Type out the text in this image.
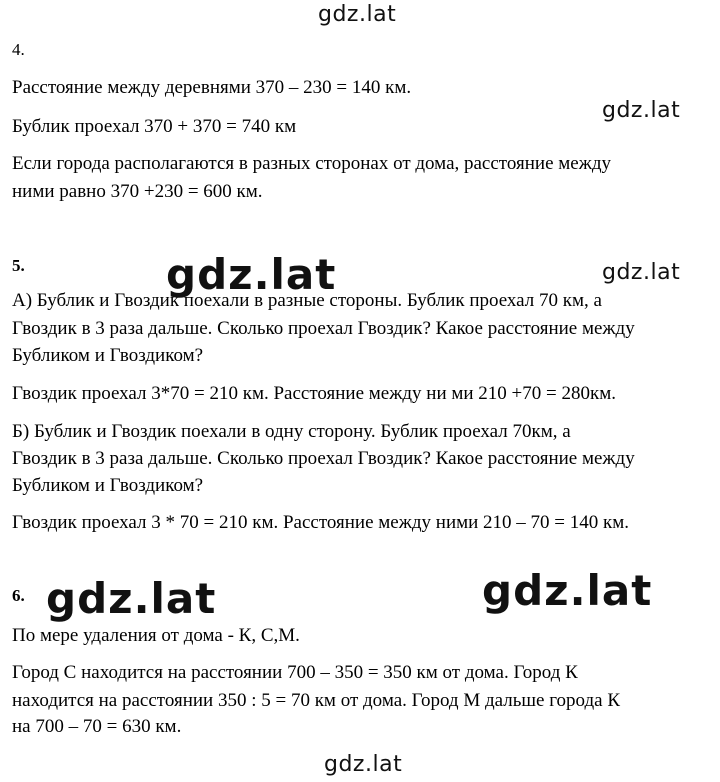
gdz.lat
gdz.lat
gdz.lat	gdz.lat
gdz.lat	gdz.lat
gdz.lat
4.
Расстояние между деревнями 370 – 230 = 140 км.
Бублик проехал 370 + 370 = 740 км
Если города располагаются в разных сторонах от дома, расстояние между
ними равно 370 +230 = 600 км.
5.
А) Бублик и Гвоздик поехали в разные стороны. Бублик проехал 70 км, а
Гвоздик в 3 раза дальше. Сколько проехал Гвоздик? Какое расстояние между
Бубликом и Гвоздиком?
Гвоздик проехал 3*70 = 210 км. Расстояние между ни ми 210 +70 = 280км.
Б) Бублик и Гвоздик поехали в одну сторону. Бублик проехал 70км, а
Гвоздик в 3 раза дальше. Сколько проехал Гвоздик? Какое расстояние между
Бубликом и Гвоздиком?
Гвоздик проехал 3 * 70 = 210 км. Расстояние между ними 210 – 70 = 140 км.
6.
По мере удаления от дома - К, С,М.
Город С находится на расстоянии 700 – 350 = 350 км от дома. Город К
находится на расстоянии 350 : 5 = 70 км от дома. Город М дальше города К
на 700 – 70 = 630 км.
